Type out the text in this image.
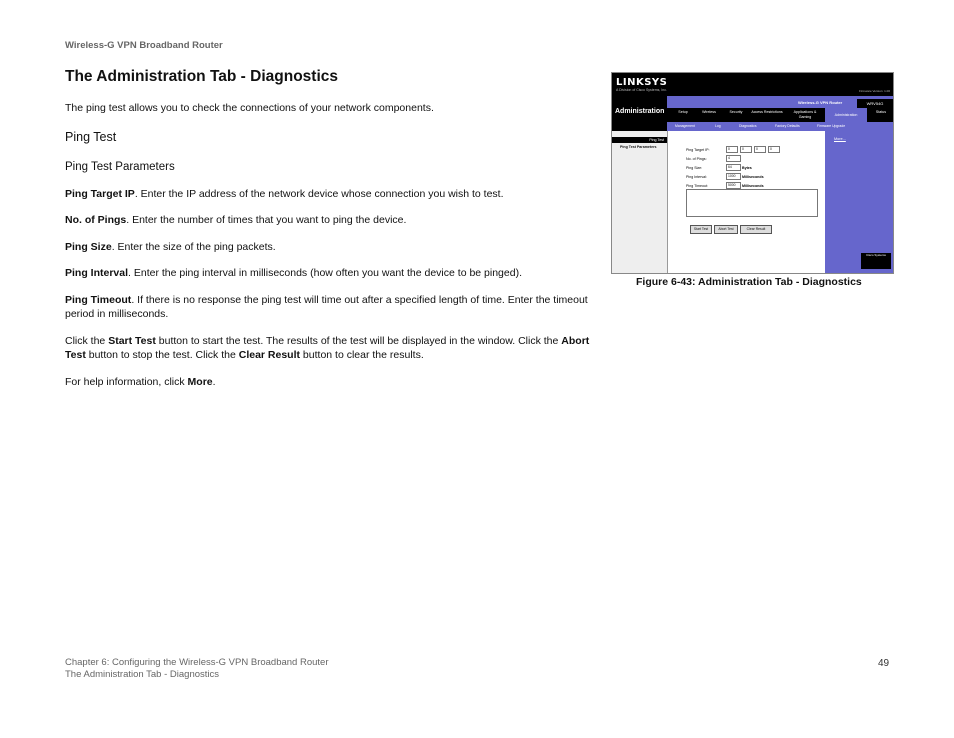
Wireless-G VPN Broadband Router
The Administration Tab - Diagnostics
The ping test allows you to check the connections of your network components.
Ping Test
Ping Test Parameters
Ping Target IP. Enter the IP address of the network device whose connection you wish to test.
No. of Pings. Enter the number of times that you want to ping the device.
Ping Size. Enter the size of the ping packets.
Ping Interval. Enter the ping interval in milliseconds (how often you want the device to be pinged).
Ping Timeout. If there is no response the ping test will time out after a specified length of time. Enter the timeout period in milliseconds.
Click the Start Test button to start the test. The results of the test will be displayed in the window. Click the Abort Test button to stop the test. Click the Clear Result button to clear the results.
For help information, click More.
LINKSYS
A Division of Cisco Systems, Inc.	Firmware Version: 1.00
Administration
Wireless-G VPN Router	WRV54G
Setup	Wireless	Security	Access Restrictions	Applications & Gaming	Administration
Status
Management	Log	Diagnostics	Factory Defaults	Firmware Upgrade
Ping Test
Ping Test Parameters
Ping Target IP:	0	0	0	0
No. of Pings:	4
Ping Size:	64	Bytes
Ping Interval:	1000	Milliseconds
Ping Timeout:	5000	Milliseconds
Start Test	Abort Test	Clear Result
More...
Cisco Systems
Figure 6-43: Administration Tab - Diagnostics
Chapter 6: Configuring the Wireless-G VPN Broadband Router
The Administration Tab - Diagnostics
49
